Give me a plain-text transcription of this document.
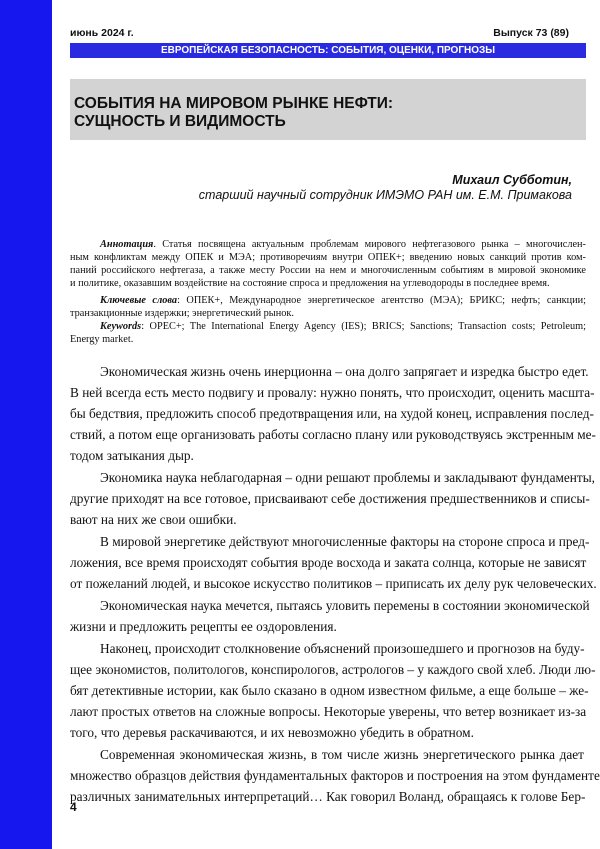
июнь 2024 г.	Выпуск 73 (89)
ЕВРОПЕЙСКАЯ БЕЗОПАСНОСТЬ: СОБЫТИЯ, ОЦЕНКИ, ПРОГНОЗЫ
СОБЫТИЯ НА МИРОВОМ РЫНКЕ НЕФТИ:
СУЩНОСТЬ И ВИДИМОСТЬ
Михаил Субботин,
старший научный сотрудник ИМЭМО РАН им. Е.М. Примакова
Аннотация. Статья посвящена актуальным проблемам мирового нефтегазового рынка – многочислен-
ным конфликтам между ОПЕК и МЭА; противоречиям внутри ОПЕК+; введению новых санкций против ком-
паний российского нефтегаза, а также месту России на нем и многочисленным событиям в мировой экономике
и политике, оказавшим воздействие на состояние спроса и предложения на углеводороды в последнее время.
Ключевые слова: ОПЕК+, Международное энергетическое агентство (МЭА); БРИКС; нефть; санкции;
транзакционные издержки; энергетический рынок.
Keywords: OPEC+; The International Energy Agency (IES); BRICS; Sanctions; Transaction costs; Petroleum;
Energy market.
Экономическая жизнь очень инерционна – она долго запрягает и изредка быстро едет.
В ней всегда есть место подвигу и провалу: нужно понять, что происходит, оценить масшта-
бы бедствия, предложить способ предотвращения или, на худой конец, исправления послед-
ствий, а потом еще организовать работы согласно плану или руководствуясь экстренным ме-
тодом затыкания дыр.
Экономика наука неблагодарная – одни решают проблемы и закладывают фундаменты,
другие приходят на все готовое, присваивают себе достижения предшественников и списы-
вают на них же свои ошибки.
В мировой энергетике действуют многочисленные факторы на стороне спроса и пред-
ложения, все время происходят события вроде восхода и заката солнца, которые не зависят
от пожеланий людей, и высокое искусство политиков – приписать их делу рук человеческих.
Экономическая наука мечется, пытаясь уловить перемены в состоянии экономической
жизни и предложить рецепты ее оздоровления.
Наконец, происходит столкновение объяснений произошедшего и прогнозов на буду-
щее экономистов, политологов, конспирологов, астрологов – у каждого свой хлеб. Люди лю-
бят детективные истории, как было сказано в одном известном фильме, а еще больше – же-
лают простых ответов на сложные вопросы. Некоторые уверены, что ветер возникает из-за
того, что деревья раскачиваются, и их невозможно убедить в обратном.
Современная экономическая жизнь, в том числе жизнь энергетического рынка дает
множество образцов действия фундаментальных факторов и построения на этом фундаменте
различных занимательных интерпретаций… Как говорил Воланд, обращаясь к голове Бер-
4
